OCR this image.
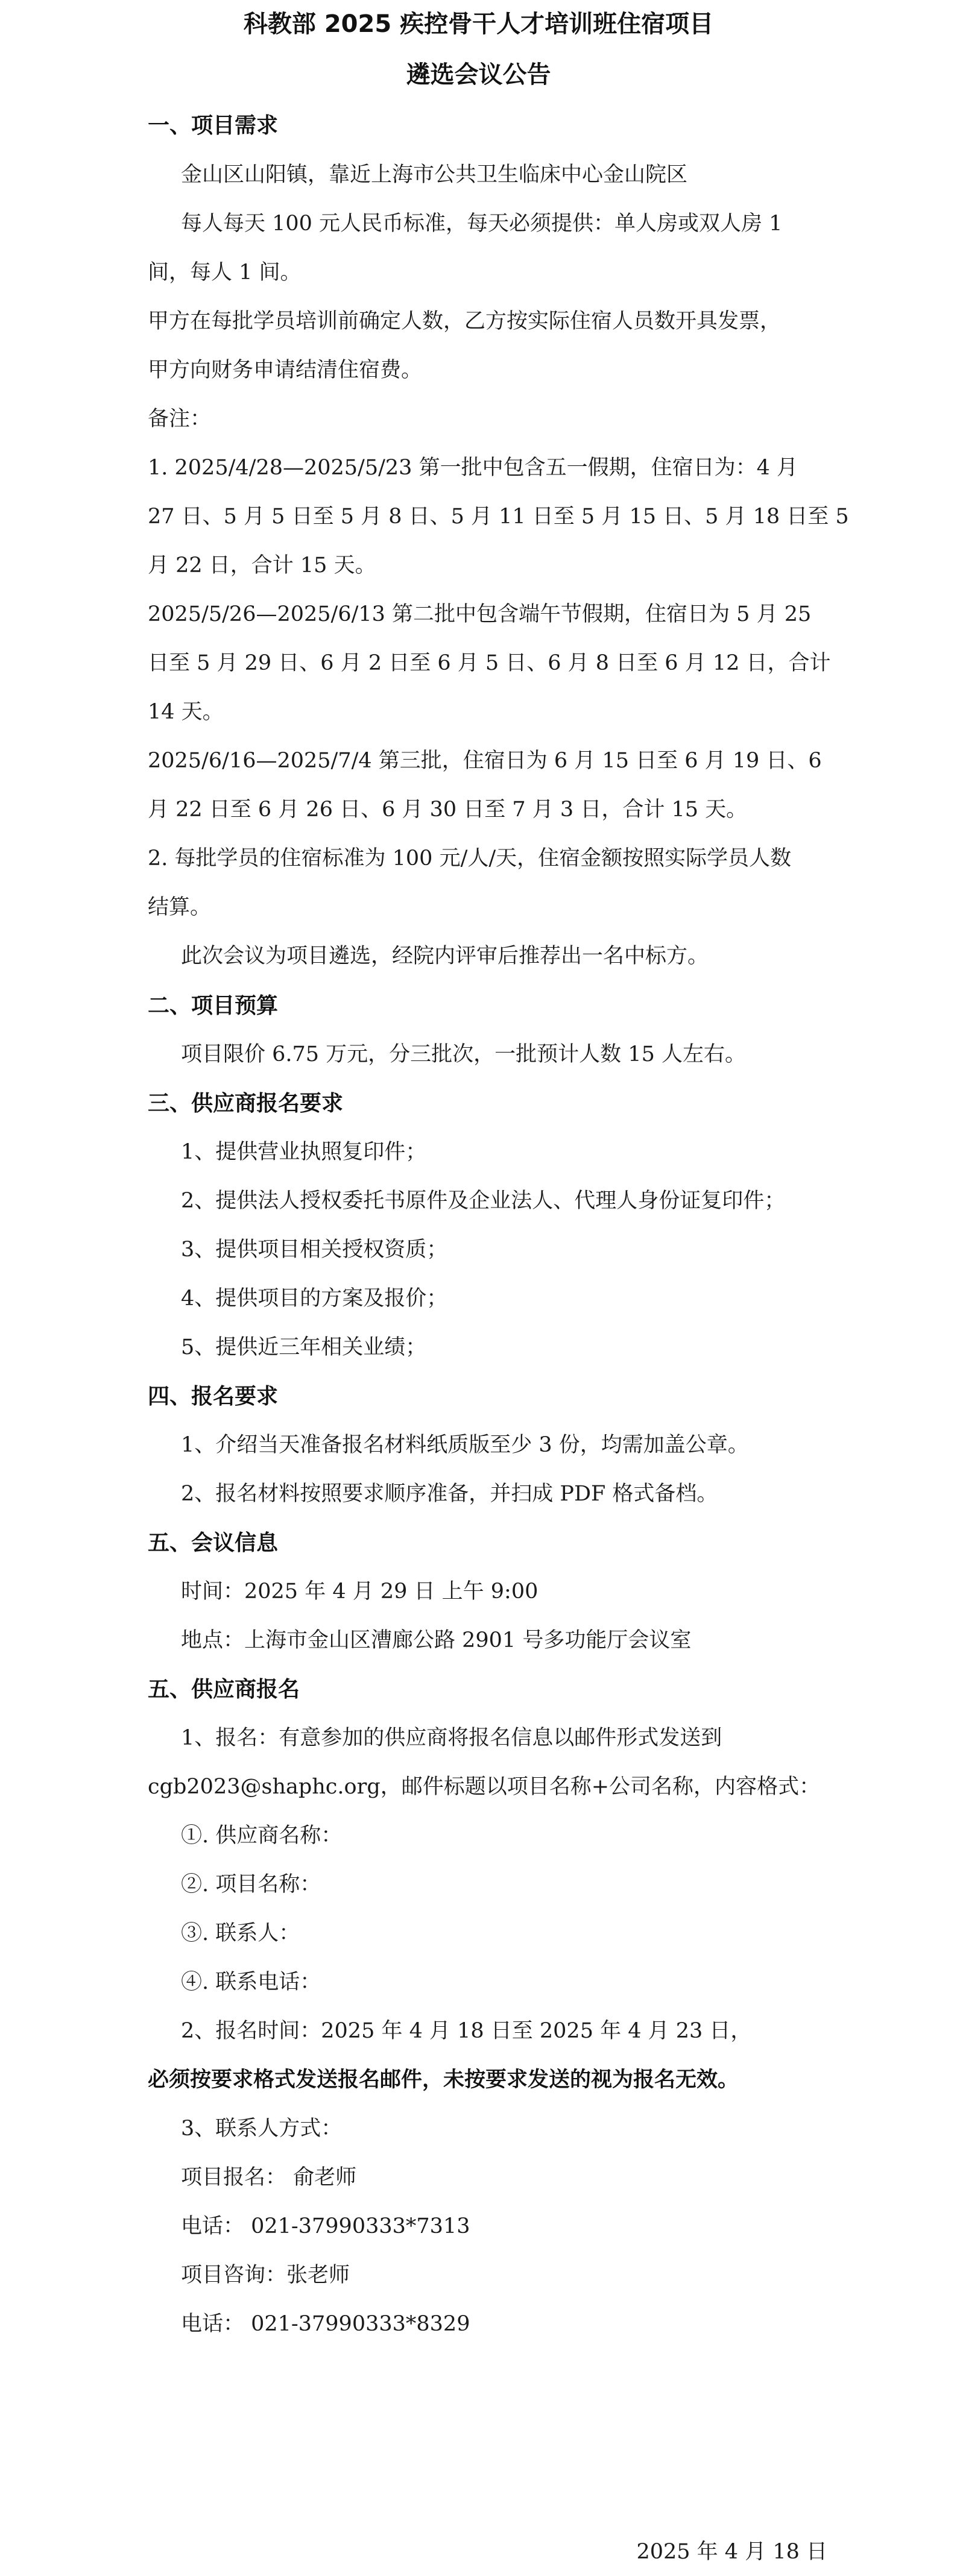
科教部 2025 疾控骨干人才培训班住宿项目
遴选会议公告
一、项目需求
金山区山阳镇，靠近上海市公共卫生临床中心金山院区
每人每天 100 元人民币标准，每天必须提供：单人房或双人房 1
间，每人 1 间。
甲方在每批学员培训前确定人数，乙方按实际住宿人员数开具发票，
甲方向财务申请结清住宿费。
备注：
1. 2025/4/28—2025/5/23 第一批中包含五一假期，住宿日为：4 月
27 日、5 月 5 日至 5 月 8 日、5 月 11 日至 5 月 15 日、5 月 18 日至 5
月 22 日，合计 15 天。
2025/5/26—2025/6/13 第二批中包含端午节假期，住宿日为 5 月 25
日至 5 月 29 日、6 月 2 日至 6 月 5 日、6 月 8 日至 6 月 12 日，合计
14 天。
2025/6/16—2025/7/4 第三批，住宿日为 6 月 15 日至 6 月 19 日、6
月 22 日至 6 月 26 日、6 月 30 日至 7 月 3 日，合计 15 天。
2. 每批学员的住宿标准为 100 元/人/天，住宿金额按照实际学员人数
结算。
此次会议为项目遴选，经院内评审后推荐出一名中标方。
二、项目预算
项目限价 6.75 万元，分三批次，一批预计人数 15 人左右。
三、供应商报名要求
1、提供营业执照复印件；
2、提供法人授权委托书原件及企业法人、代理人身份证复印件；
3、提供项目相关授权资质；
4、提供项目的方案及报价；
5、提供近三年相关业绩；
四、报名要求
1、介绍当天准备报名材料纸质版至少 3 份，均需加盖公章。
2、报名材料按照要求顺序准备，并扫成 PDF 格式备档。
五、会议信息
时间：2025 年 4 月 29 日 上午 9:00
地点：上海市金山区漕廊公路 2901 号多功能厅会议室
五、供应商报名
1、报名：有意参加的供应商将报名信息以邮件形式发送到
cgb2023@shaphc.org，邮件标题以项目名称+公司名称，内容格式：
①. 供应商名称：
②. 项目名称：
③. 联系人：
④. 联系电话：
2、报名时间：2025 年 4 月 18 日至 2025 年 4 月 23 日，
必须按要求格式发送报名邮件，未按要求发送的视为报名无效。
3、联系人方式：
项目报名： 俞老师
电话： 021-37990333*7313
项目咨询：张老师
电话： 021-37990333*8329
2025 年 4 月 18 日
